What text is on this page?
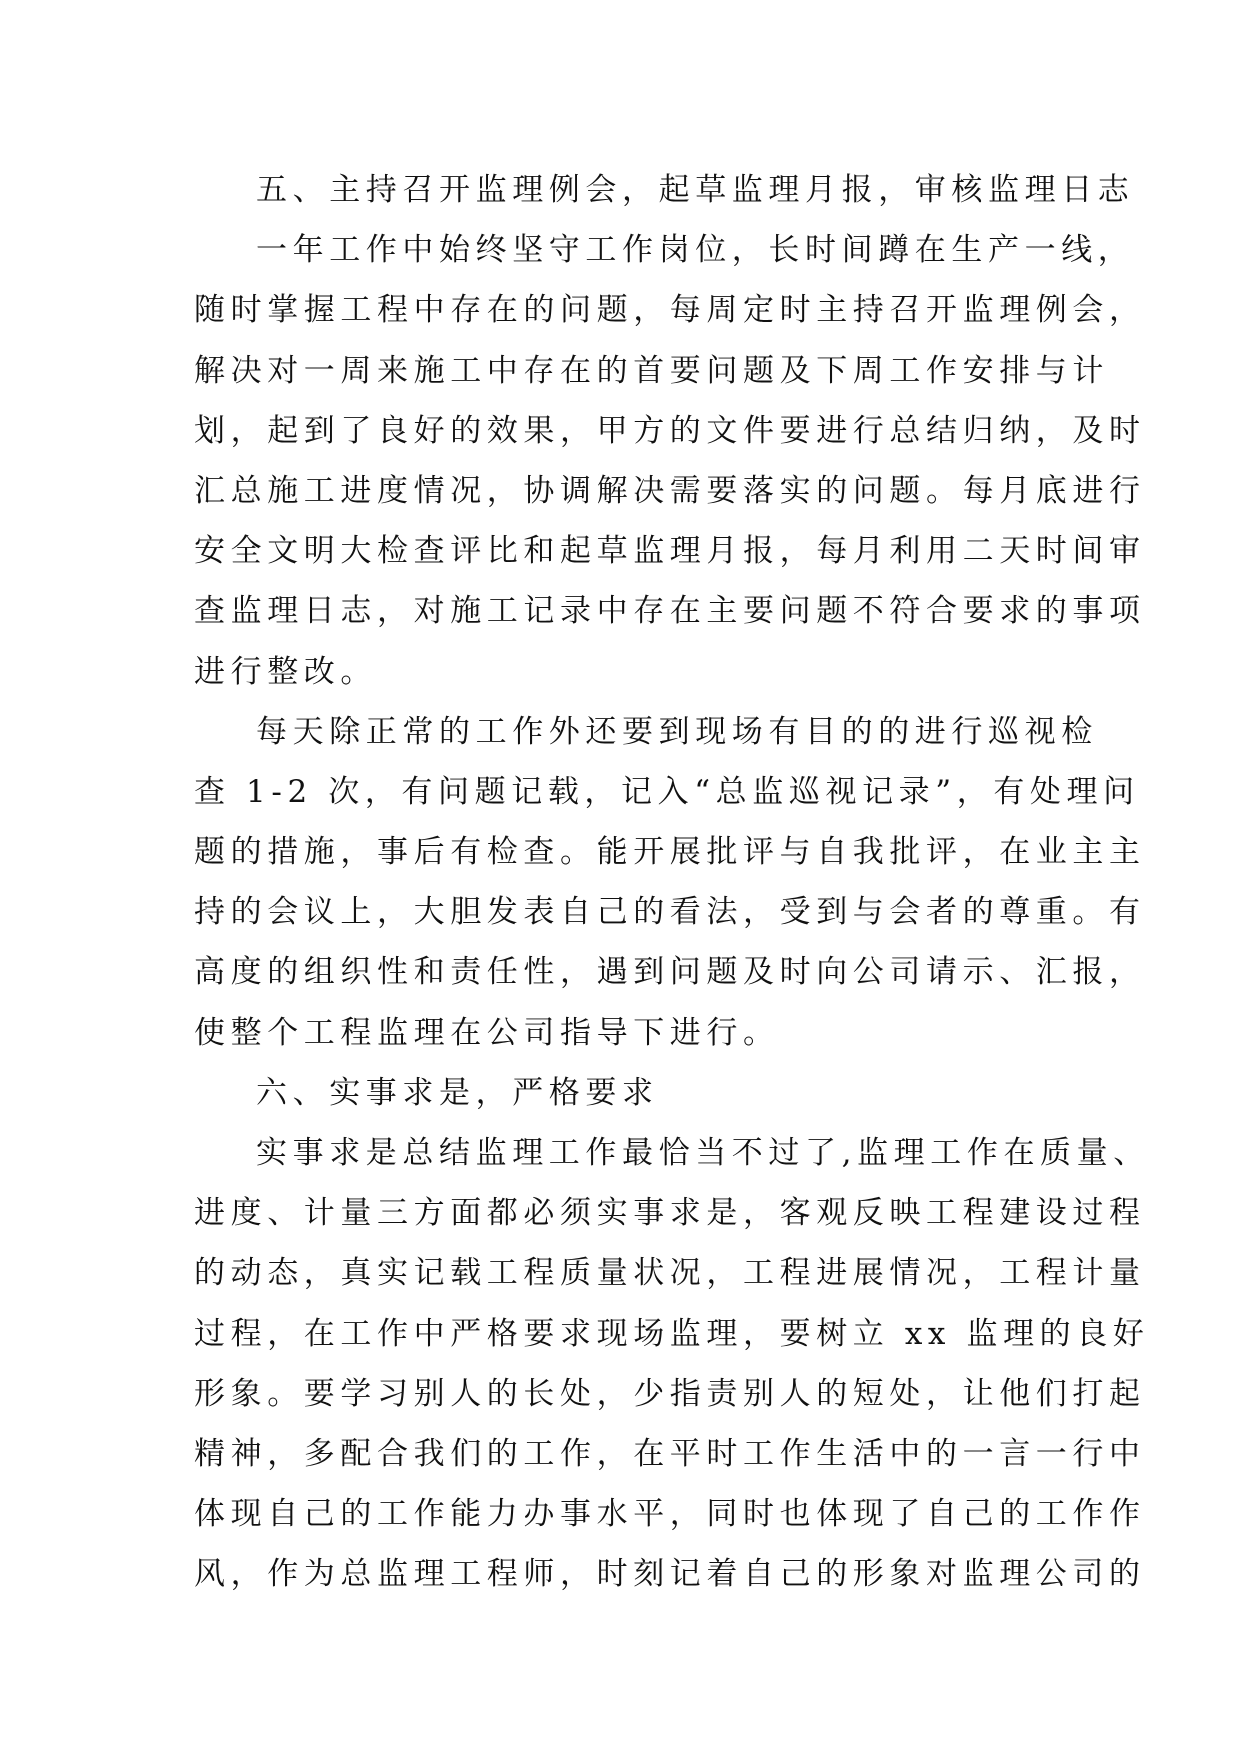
五、主持召开监理例会，起草监理月报，审核监理日志
一年工作中始终坚守工作岗位，长时间蹲在生产一线，
随时掌握工程中存在的问题，每周定时主持召开监理例会，
解决对一周来施工中存在的首要问题及下周工作安排与计
划，起到了良好的效果，甲方的文件要进行总结归纳，及时
汇总施工进度情况，协调解决需要落实的问题。每月底进行
安全文明大检查评比和起草监理月报，每月利用二天时间审
查监理日志，对施工记录中存在主要问题不符合要求的事项
进行整改。
每天除正常的工作外还要到现场有目的的进行巡视检
查 1-2 次，有问题记载，记入“总监巡视记录”，有处理问
题的措施，事后有检查。能开展批评与自我批评，在业主主
持的会议上，大胆发表自己的看法，受到与会者的尊重。有
高度的组织性和责任性，遇到问题及时向公司请示、汇报，
使整个工程监理在公司指导下进行。
六、实事求是，严格要求
实事求是总结监理工作最恰当不过了,监理工作在质量、
进度、计量三方面都必须实事求是，客观反映工程建设过程
的动态，真实记载工程质量状况，工程进展情况，工程计量
过程，在工作中严格要求现场监理，要树立 xx 监理的良好
形象。要学习别人的长处，少指责别人的短处，让他们打起
精神，多配合我们的工作，在平时工作生活中的一言一行中
体现自己的工作能力办事水平，同时也体现了自己的工作作
风，作为总监理工程师，时刻记着自己的形象对监理公司的
